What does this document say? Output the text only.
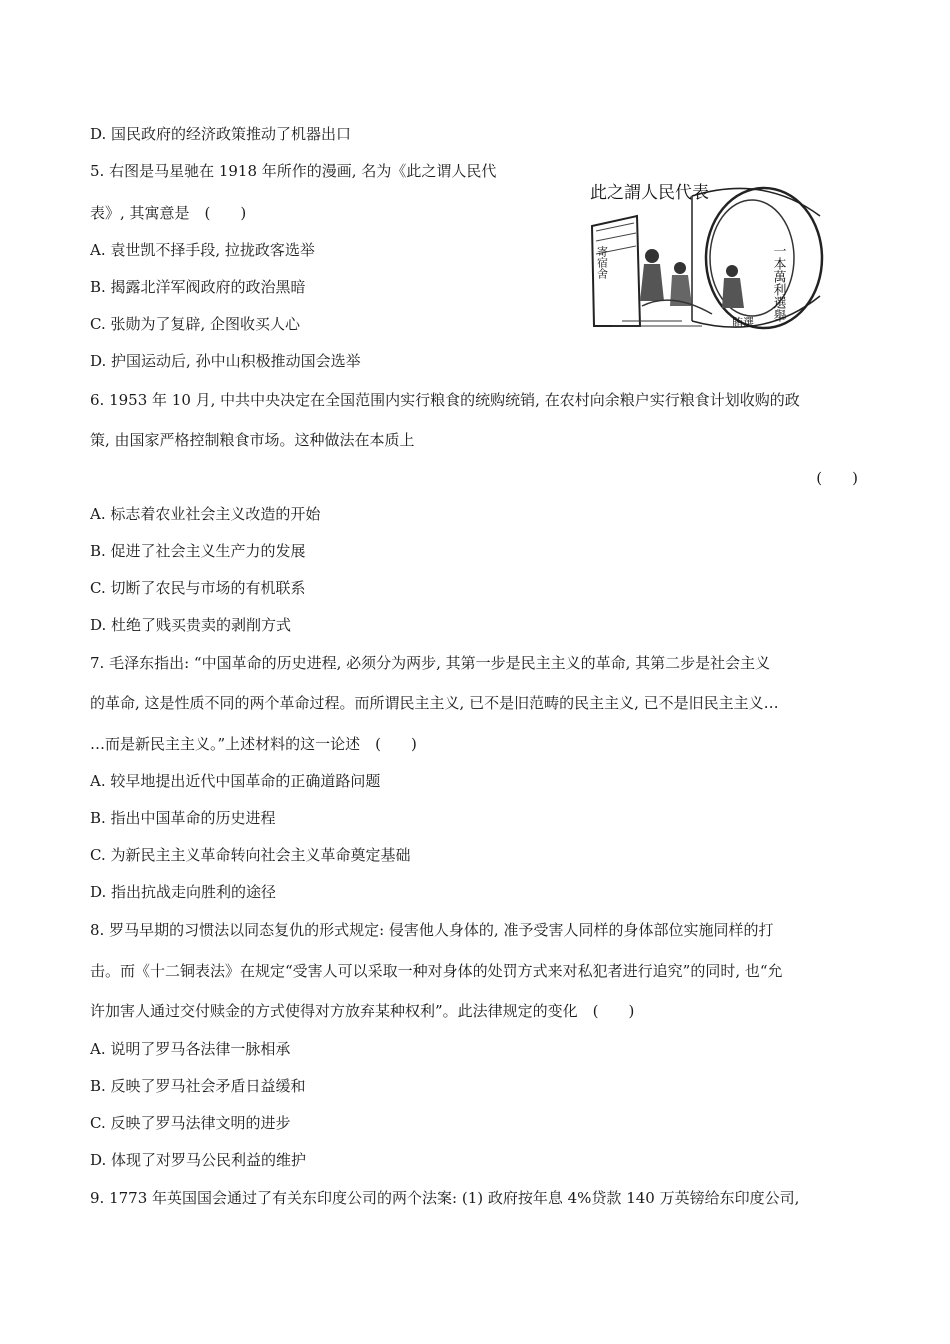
D. 国民政府的经济政策推动了机器出口
5. 右图是马星驰在 1918 年所作的漫画, 名为《此之谓人民代
表》, 其寓意是　(　　)
A. 袁世凯不择手段, 拉拢政客选举
B. 揭露北洋军阀政府的政治黑暗
C. 张勋为了复辟, 企图收买人心
D. 护国运动后, 孙中山积极推动国会选举
6. 1953 年 10 月, 中共中央决定在全国范围内实行粮食的统购统销, 在农村向余粮户实行粮食计划收购的政
策, 由国家严格控制粮食市场。这种做法在本质上
(　　)
A. 标志着农业社会主义改造的开始
B. 促进了社会主义生产力的发展
C. 切断了农民与市场的有机联系
D. 杜绝了贱买贵卖的剥削方式
7. 毛泽东指出: “中国革命的历史进程, 必须分为两步, 其第一步是民主主义的革命, 其第二步是社会主义
的革命, 这是性质不同的两个革命过程。而所谓民主主义, 已不是旧范畴的民主主义, 已不是旧民主主义…
…而是新民主主义。”上述材料的这一论述　(　　)
A. 较早地提出近代中国革命的正确道路问题
B. 指出中国革命的历史进程
C. 为新民主主义革命转向社会主义革命奠定基础
D. 指出抗战走向胜利的途径
8. 罗马早期的习惯法以同态复仇的形式规定: 侵害他人身体的, 准予受害人同样的身体部位实施同样的打
击。而《十二铜表法》在规定“受害人可以采取一种对身体的处罚方式来对私犯者进行追究”的同时, 也“允
许加害人通过交付赎金的方式使得对方放弃某种权利”。此法律规定的变化　(　　)
A. 说明了罗马各法律一脉相承
B. 反映了罗马社会矛盾日益缓和
C. 反映了罗马法律文明的进步
D. 体现了对罗马公民利益的维护
9. 1773 年英国国会通过了有关东印度公司的两个法案: (1) 政府按年息 4%贷款 140 万英镑给东印度公司,
此之謂人民代表
一本萬利選舉
寄宿舍
賄選
